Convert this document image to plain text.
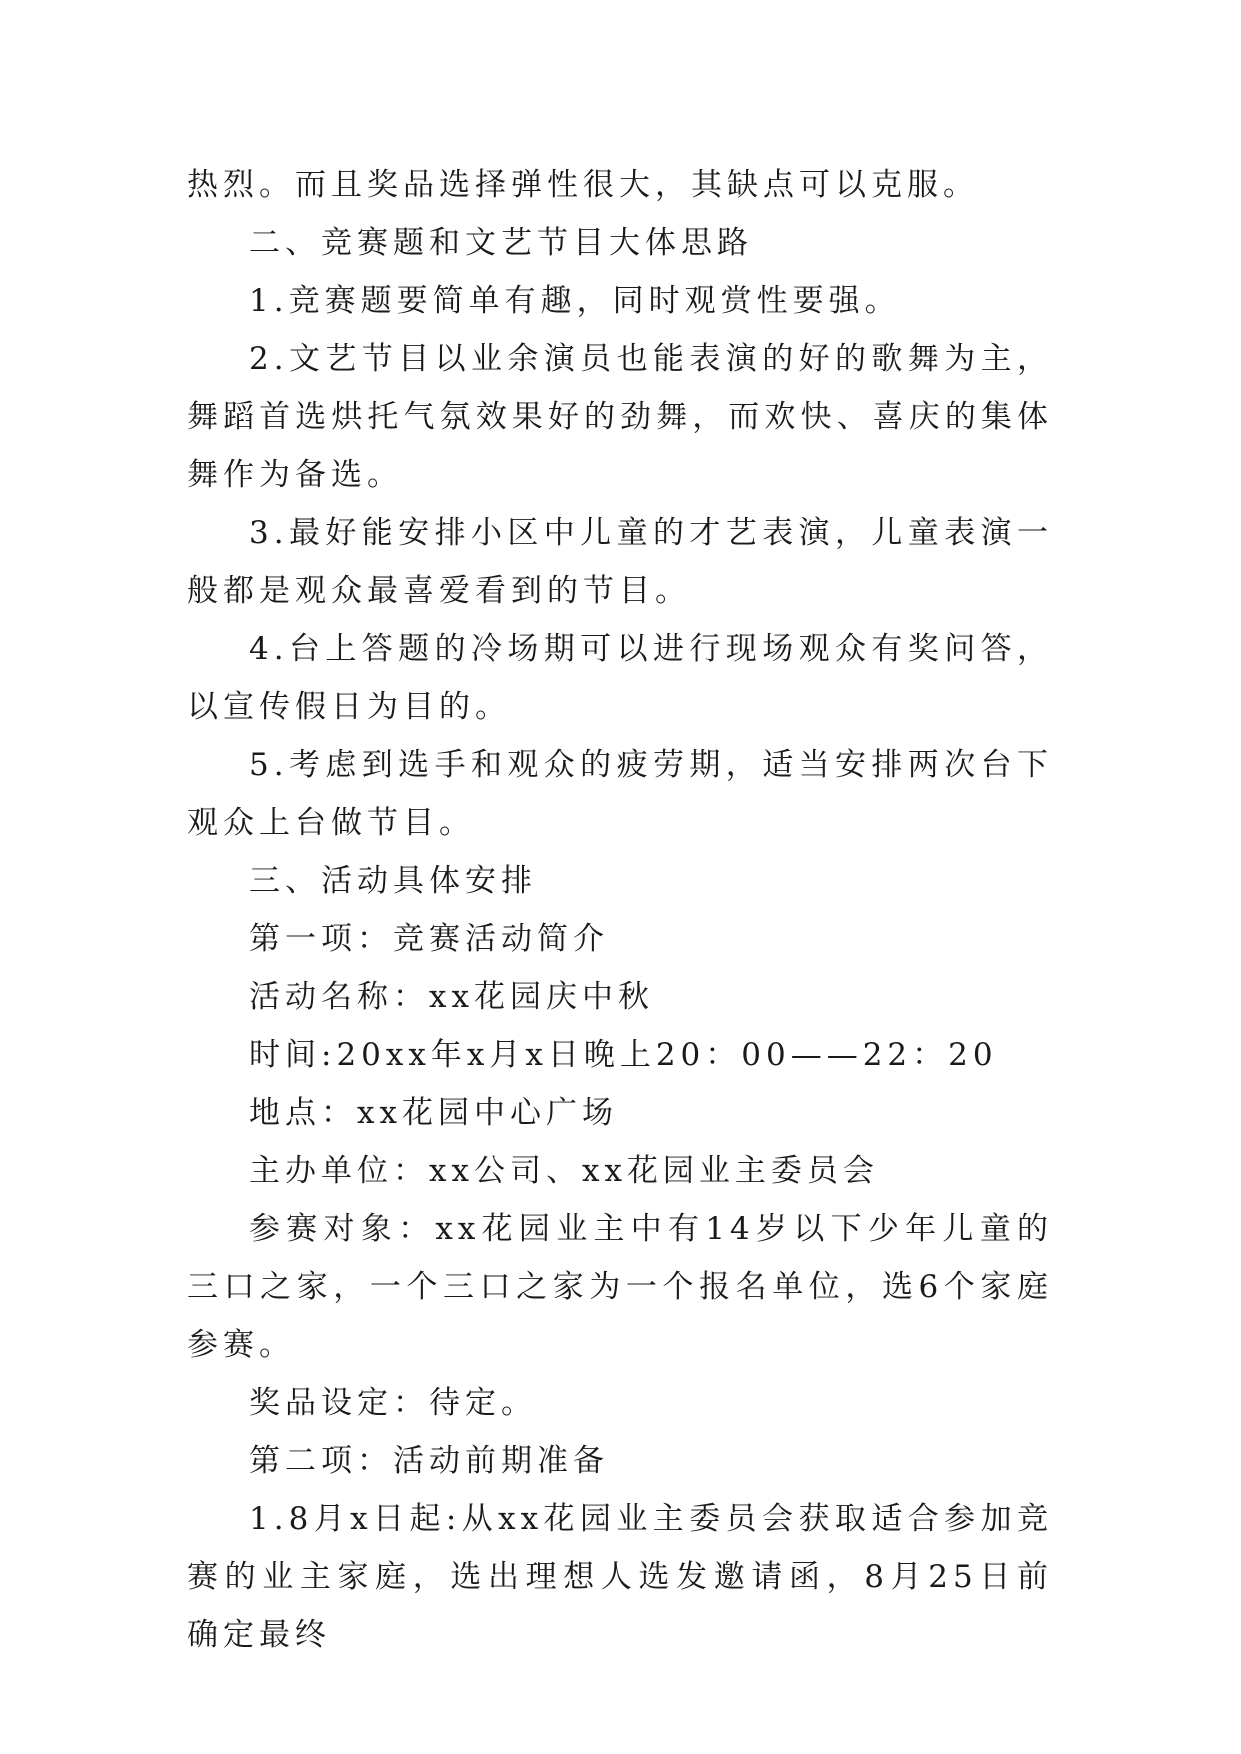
热烈。而且奖品选择弹性很大，其缺点可以克服。

二、竞赛题和文艺节目大体思路

1.竞赛题要简单有趣，同时观赏性要强。

2.文艺节目以业余演员也能表演的好的歌舞为主，舞蹈首选烘托气氛效果好的劲舞，而欢快、喜庆的集体舞作为备选。

3.最好能安排小区中儿童的才艺表演，儿童表演一般都是观众最喜爱看到的节目。

4.台上答题的冷场期可以进行现场观众有奖问答，以宣传假日为目的。

5.考虑到选手和观众的疲劳期，适当安排两次台下观众上台做节目。

三、活动具体安排

第一项：竞赛活动简介

活动名称：xx花园庆中秋

时间:20xx年x月x日晚上20：00——22：20

地点：xx花园中心广场

主办单位：xx公司、xx花园业主委员会

参赛对象：xx花园业主中有14岁以下少年儿童的三口之家，一个三口之家为一个报名单位，选6个家庭参赛。

奖品设定：待定。

第二项：活动前期准备

1.8月x日起:从xx花园业主委员会获取适合参加竞赛的业主家庭，选出理想人选发邀请函，8月25日前确定最终
